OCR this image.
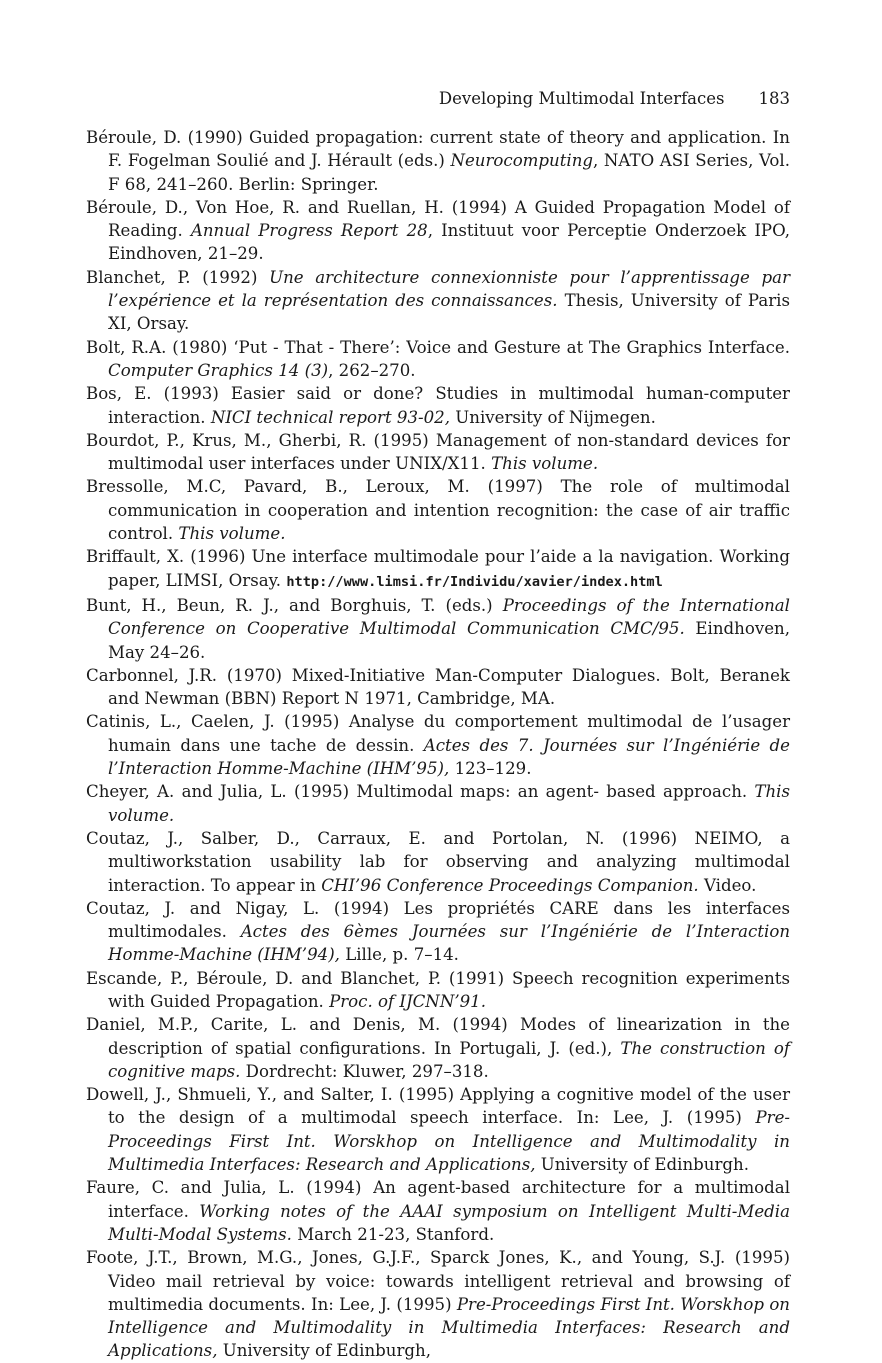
Developing Multimodal Interfaces 183
Béroule, D. (1990) Guided propagation: current state of theory and application. In F. Fogelman Soulié and J. Hérault (eds.) Neurocomputing, NATO ASI Series, Vol. F 68, 241–260. Berlin: Springer.
Béroule, D., Von Hoe, R. and Ruellan, H. (1994) A Guided Propagation Model of Reading. Annual Progress Report 28, Instituut voor Perceptie Onderzoek IPO, Eindhoven, 21–29.
Blanchet, P. (1992) Une architecture connexionniste pour l’apprentissage par l’expérience et la représentation des connaissances. Thesis, University of Paris XI, Orsay.
Bolt, R.A. (1980) ‘Put - That - There’: Voice and Gesture at The Graphics Interface. Computer Graphics 14 (3), 262–270.
Bos, E. (1993) Easier said or done? Studies in multimodal human-computer interaction. NICI technical report 93-02, University of Nijmegen.
Bourdot, P., Krus, M., Gherbi, R. (1995) Management of non-standard devices for multimodal user interfaces under UNIX/X11. This volume.
Bressolle, M.C, Pavard, B., Leroux, M. (1997) The role of multimodal communication in cooperation and intention recognition: the case of air traffic control. This volume.
Briffault, X. (1996) Une interface multimodale pour l’aide a la navigation. Working paper, LIMSI, Orsay. http://www.limsi.fr/Individu/xavier/index.html
Bunt, H., Beun, R. J., and Borghuis, T. (eds.) Proceedings of the International Conference on Cooperative Multimodal Communication CMC/95. Eindhoven, May 24–26.
Carbonnel, J.R. (1970) Mixed-Initiative Man-Computer Dialogues. Bolt, Beranek and Newman (BBN) Report N 1971, Cambridge, MA.
Catinis, L., Caelen, J. (1995) Analyse du comportement multimodal de l’usager humain dans une tache de dessin. Actes des 7. Journées sur l’Ingéniérie de l’Interaction Homme-Machine (IHM’95), 123–129.
Cheyer, A. and Julia, L. (1995) Multimodal maps: an agent- based approach. This volume.
Coutaz, J., Salber, D., Carraux, E. and Portolan, N. (1996) NEIMO, a multiworkstation usability lab for observing and analyzing multimodal interaction. To appear in CHI’96 Conference Proceedings Companion. Video.
Coutaz, J. and Nigay, L. (1994) Les propriétés CARE dans les interfaces multimodales. Actes des 6èmes Journées sur l’Ingéniérie de l’Interaction Homme-Machine (IHM’94), Lille, p. 7–14.
Escande, P., Béroule, D. and Blanchet, P. (1991) Speech recognition experiments with Guided Propagation. Proc. of IJCNN’91.
Daniel, M.P., Carite, L. and Denis, M. (1994) Modes of linearization in the description of spatial configurations. In Portugali, J. (ed.), The construction of cognitive maps. Dordrecht: Kluwer, 297–318.
Dowell, J., Shmueli, Y., and Salter, I. (1995) Applying a cognitive model of the user to the design of a multimodal speech interface. In: Lee, J. (1995) Pre-Proceedings First Int. Worskhop on Intelligence and Multimodality in Multimedia Interfaces: Research and Applications, University of Edinburgh.
Faure, C. and Julia, L. (1994) An agent-based architecture for a multimodal interface. Working notes of the AAAI symposium on Intelligent Multi-Media Multi-Modal Systems. March 21-23, Stanford.
Foote, J.T., Brown, M.G., Jones, G.J.F., Sparck Jones, K., and Young, S.J. (1995) Video mail retrieval by voice: towards intelligent retrieval and browsing of multimedia documents. In: Lee, J. (1995) Pre-Proceedings First Int. Worskhop on Intelligence and Multimodality in Multimedia Interfaces: Research and Applications, University of Edinburgh,
